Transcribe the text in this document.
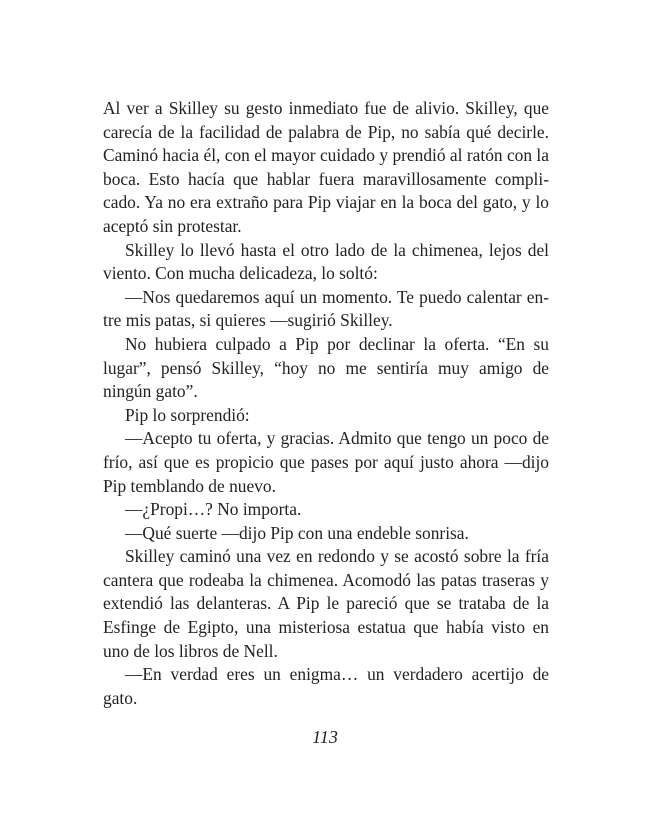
Al ver a Skilley su gesto inmediato fue de alivio. Skilley, que carecía de la facilidad de palabra de Pip, no sabía qué decirle. Caminó hacia él, con el mayor cuidado y prendió al ratón con la boca. Esto hacía que hablar fuera maravillosamente complicado. Ya no era extraño para Pip viajar en la boca del gato, y lo aceptó sin protestar.

Skilley lo llevó hasta el otro lado de la chimenea, lejos del viento. Con mucha delicadeza, lo soltó:

—Nos quedaremos aquí un momento. Te puedo calentar entre mis patas, si quieres —sugirió Skilley.

No hubiera culpado a Pip por declinar la oferta. “En su lugar”, pensó Skilley, “hoy no me sentiría muy amigo de ningún gato”.

Pip lo sorprendió:

—Acepto tu oferta, y gracias. Admito que tengo un poco de frío, así que es propicio que pases por aquí justo ahora —dijo Pip temblando de nuevo.

—¿Propi…? No importa.

—Qué suerte —dijo Pip con una endeble sonrisa.

Skilley caminó una vez en redondo y se acostó sobre la fría cantera que rodeaba la chimenea. Acomodó las patas traseras y extendió las delanteras. A Pip le pareció que se trataba de la Esfinge de Egipto, una misteriosa estatua que había visto en uno de los libros de Nell.

—En verdad eres un enigma… un verdadero acertijo de gato.

113
